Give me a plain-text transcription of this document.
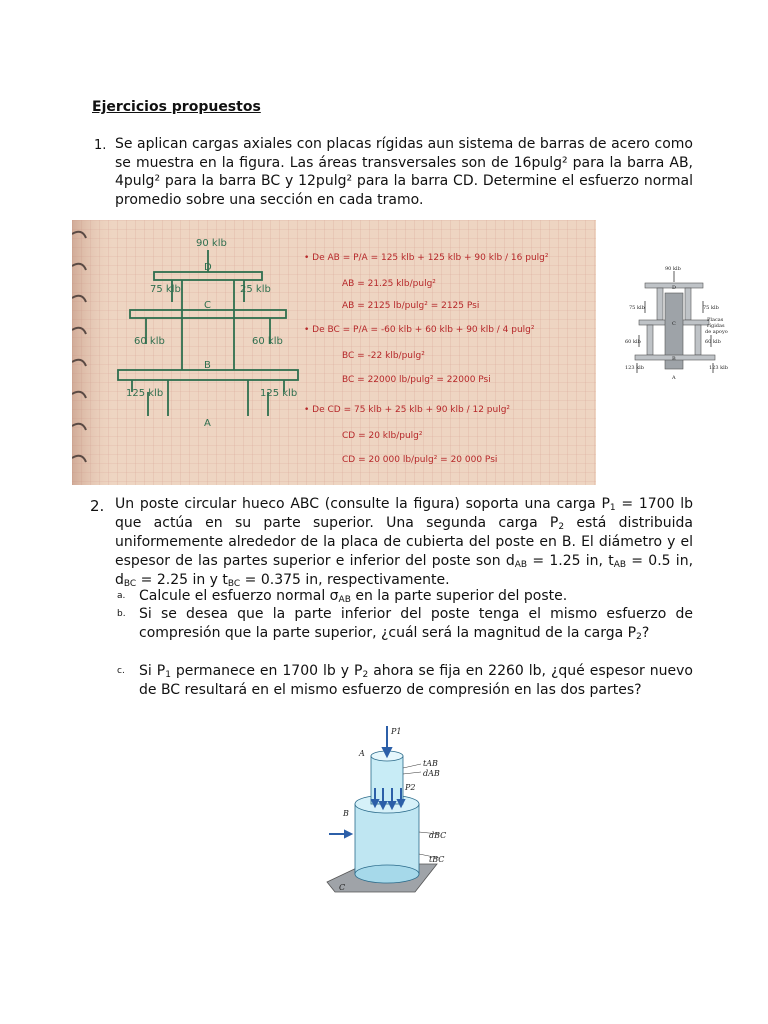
Ejercicios propuestos
1. Se aplican cargas axiales con placas rígidas aun sistema de barras de acero como se muestra en la figura. Las áreas transversales son de 16pulg² para la barra AB, 4pulg² para la barra BC y 12pulg² para la barra CD. Determine el esfuerzo normal promedio sobre una sección en cada tramo.
90 klb
D
75 klb	25 klb
C
60 klb	60 klb
B
125 klb	125 klb
A
• De AB = P/A = 125 klb + 125 klb + 90 klb / 16 pulg²
AB = 21.25 klb/pulg²
AB = 2125 lb/pulg² = 2125 Psi
• De BC = P/A = -60 klb + 60 klb + 90 klb / 4 pulg²
BC = -22 klb/pulg²
BC = 22000 lb/pulg² = 22000 Psi
• De CD = 75 klb + 25 klb + 90 klb / 12 pulg²
CD = 20 klb/pulg²
CD = 20 000 lb/pulg² = 20 000 Psi
90 klb
75 klb	75 klb
60 klb	60 klb
123 klb	123 klb
Placas
rígidas
de apoyo
D
C
B
A
2. Un poste circular hueco ABC (consulte la figura) soporta una carga $P_1 = 1700$ lb que actúa en su parte superior. Una segunda carga $P_2$ está distribuida uniformemente alrededor de la placa de cubierta del poste en B. El diámetro y el espesor de las partes superior e inferior del poste son $d_{AB} = 1.25$ in, $t_{AB} = 0.5$ in, $d_{BC} = 2.25$ in y $t_{BC} = 0.375$ in, respectivamente.
a. Calcule el esfuerzo normal $\sigma_{AB}$ en la parte superior del poste.
b. Si se desea que la parte inferior del poste tenga el mismo esfuerzo de compresión que la parte superior, ¿cuál será la magnitud de la carga $P_2$?
c. Si $P_1$ permanece en 1700 lb y $P_2$ ahora se fija en 2260 lb, ¿qué espesor nuevo de BC resultará en el mismo esfuerzo de compresión en las dos partes?
P1
P2
A
B
C
tAB
dAB
dBC
tBC
